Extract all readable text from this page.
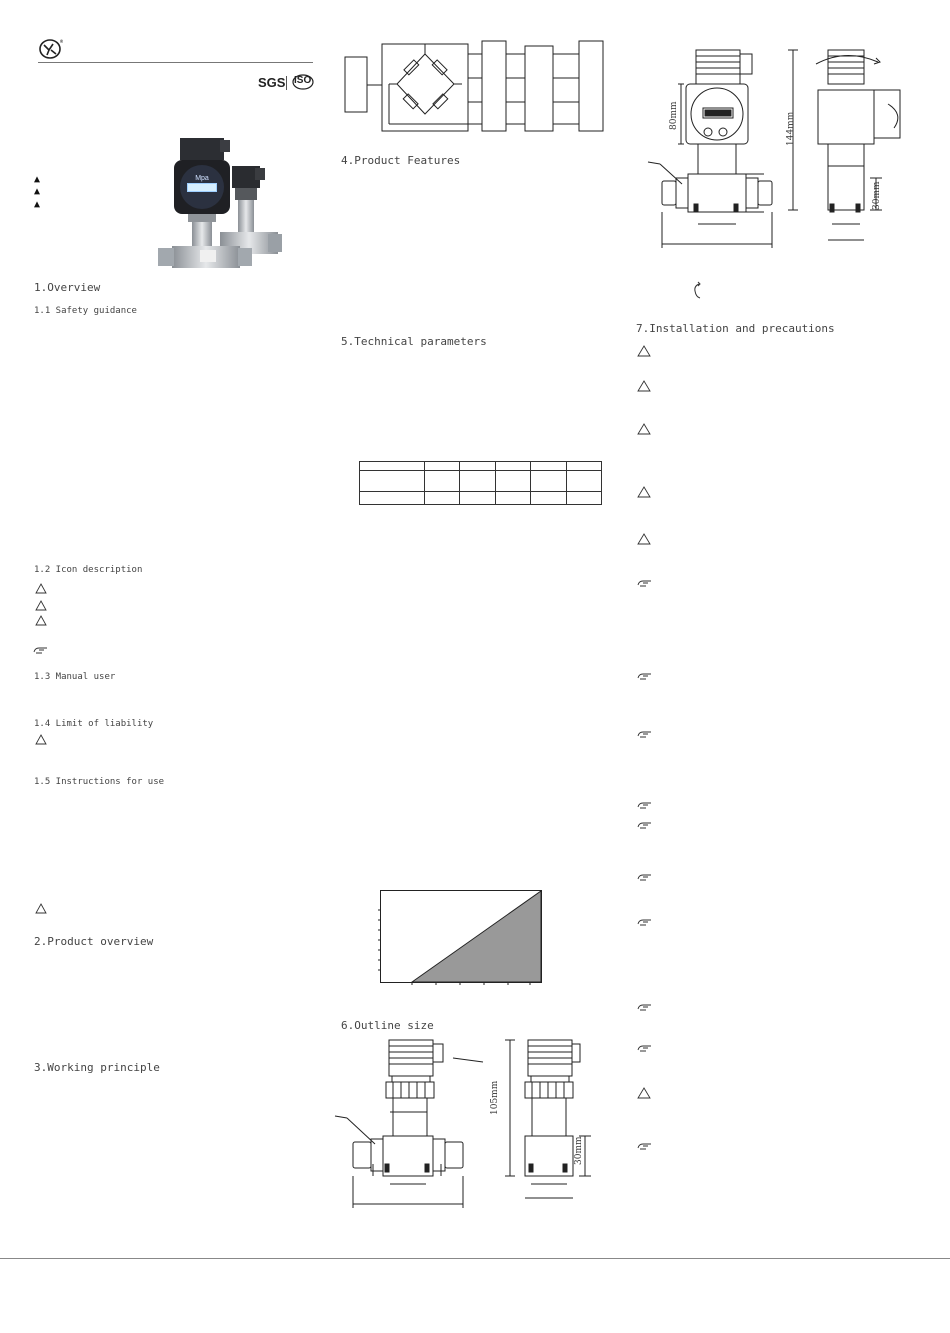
®
SGS ISO
Mpa
▲
▲
▲
1.Overview
1.1 Safety guidance
1.2 Icon description
1.3 Manual user
1.4 Limit of liability
1.5 Instructions for use
2.Product overview
3.Working principle
4.Product Features
5.Technical parameters

6.Outline size
105mm
30mm
80mm	144mm
30mm
7.Installation and precautions
